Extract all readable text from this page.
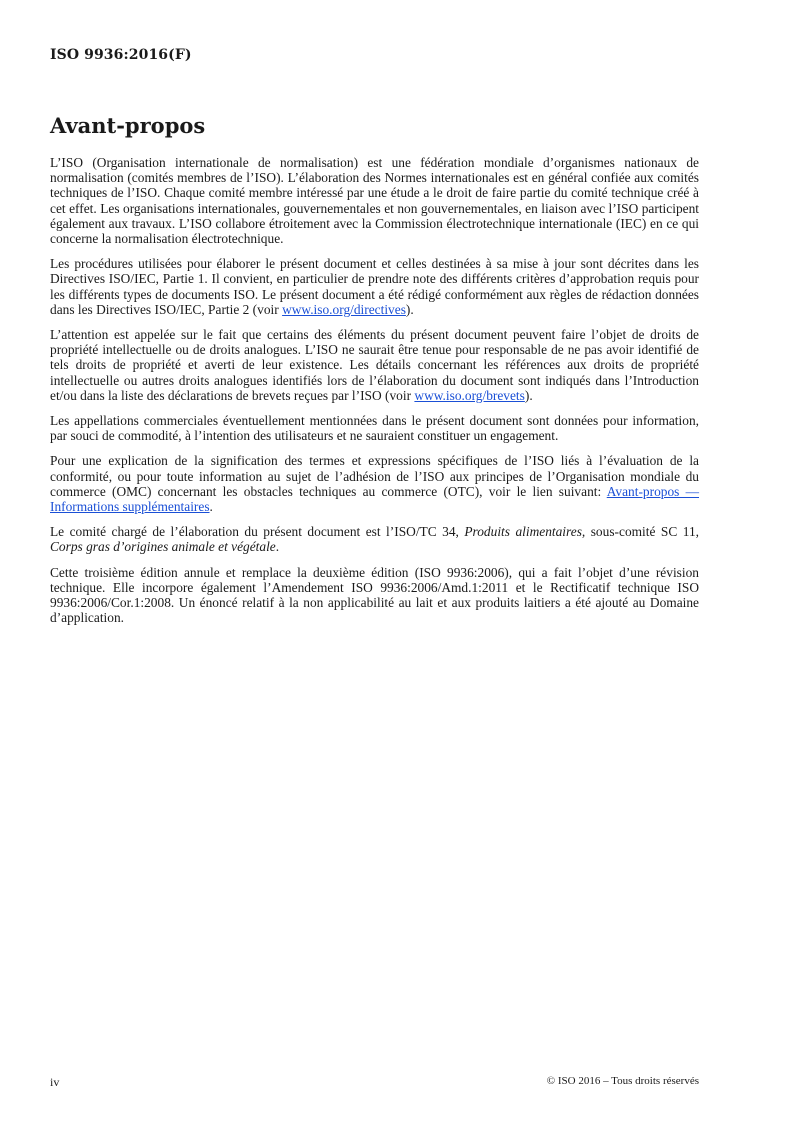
ISO 9936:2016(F)
Avant-propos

L’ISO (Organisation internationale de normalisation) est une fédération mondiale d’organismes nationaux de normalisation (comités membres de l’ISO). L’élaboration des Normes internationales est en général confiée aux comités techniques de l’ISO. Chaque comité membre intéressé par une étude a le droit de faire partie du comité technique créé à cet effet. Les organisations internationales, gouvernementales et non gouvernementales, en liaison avec l’ISO participent également aux travaux. L’ISO collabore étroitement avec la Commission électrotechnique internationale (IEC) en ce qui concerne la normalisation électrotechnique.

Les procédures utilisées pour élaborer le présent document et celles destinées à sa mise à jour sont décrites dans les Directives ISO/IEC, Partie 1. Il convient, en particulier de prendre note des différents critères d’approbation requis pour les différents types de documents ISO. Le présent document a été rédigé conformément aux règles de rédaction données dans les Directives ISO/IEC, Partie 2 (voir www.iso.org/directives).

L’attention est appelée sur le fait que certains des éléments du présent document peuvent faire l’objet de droits de propriété intellectuelle ou de droits analogues. L’ISO ne saurait être tenue pour responsable de ne pas avoir identifié de tels droits de propriété et averti de leur existence. Les détails concernant les références aux droits de propriété intellectuelle ou autres droits analogues identifiés lors de l’élaboration du document sont indiqués dans l’Introduction et/ou dans la liste des déclarations de brevets reçues par l’ISO (voir www.iso.org/brevets).

Les appellations commerciales éventuellement mentionnées dans le présent document sont données pour information, par souci de commodité, à l’intention des utilisateurs et ne sauraient constituer un engagement.

Pour une explication de la signification des termes et expressions spécifiques de l’ISO liés à l’évaluation de la conformité, ou pour toute information au sujet de l’adhésion de l’ISO aux principes de l’Organisation mondiale du commerce (OMC) concernant les obstacles techniques au commerce (OTC), voir le lien suivant: Avant-propos — Informations supplémentaires.

Le comité chargé de l’élaboration du présent document est l’ISO/TC 34, Produits alimentaires, sous-comité SC 11, Corps gras d’origines animale et végétale.

Cette troisième édition annule et remplace la deuxième édition (ISO 9936:2006), qui a fait l’objet d’une révision technique. Elle incorpore également l’Amendement ISO 9936:2006/Amd.1:2011 et le Rectificatif technique ISO 9936:2006/Cor.1:2008. Un énoncé relatif à la non applicabilité au lait et aux produits laitiers a été ajouté au Domaine d’application.

iv	© ISO 2016 – Tous droits réservés
